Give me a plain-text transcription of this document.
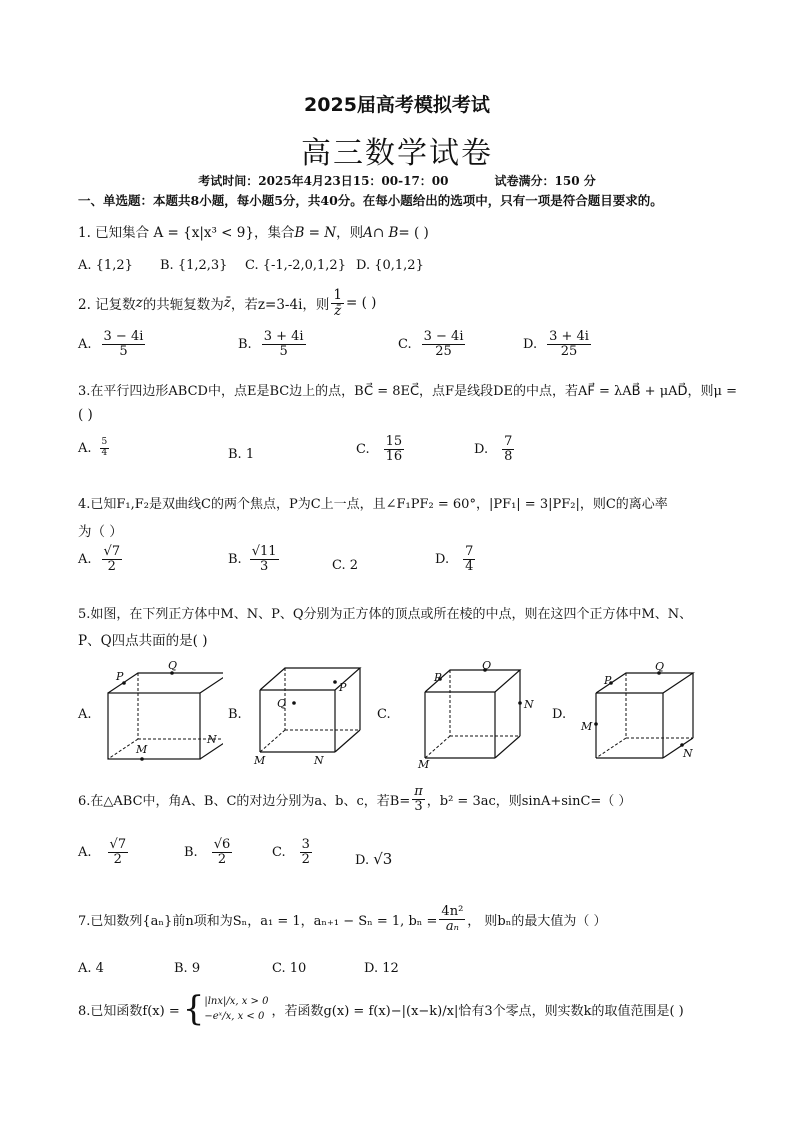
2025届高考模拟考试
高三数学试卷
考试时间：2025年4月23日15：00-17：00	试卷满分：150 分
一、单选题：本题共8小题，每小题5分，共40分。在每小题给出的选项中，只有一项是符合题目要求的。
1. 已知集合 A = {x|x³ < 9}，集合B = N，则A∩ B= ( )
A. {1,2} B. {1,2,3} C. {-1,-2,0,1,2} D. {0,1,2}
2. 记复数 z 的共轭复数为 z̄ ，若z=3-4i，则 $\frac{1}{z̄}$ = ( )
A. $\frac{3 - 4i}{5}$	B. $\frac{3 + 4i}{5}$	C. $\frac{3 - 4i}{25}$	D. $\frac{3 + 4i}{25}$
3.在平行四边形ABCD中，点E是BC边上的点，BC⃗ = 8EC⃗，点F是线段DE的中点，若AF⃗ = λAB⃗ + μAD⃗，则μ =
( )
A. $\frac{5}{4}$	B. 1	C. $\frac{15}{16}$	D. $\frac{7}{8}$
4.已知F₁,F₂是双曲线C的两个焦点，P为C上一点，且∠F₁PF₂ = 60°，|PF₁| = 3|PF₂|，则C的离心率
为（ ）
A. $\frac{√7}{2}$	B. $\frac{√11}{3}$	C. 2	D. $\frac{7}{4}$
5.如图，在下列正方体中M、N、P、Q分别为正方体的顶点或所在棱的中点，则在这四个正方体中M、N、
P、Q四点共面的是( )
A.	B.	C.	D.
P
Q
M
N
Q
P
M	N
P
Q
N
M
P
Q
M
N
6.在△ABC中，角A、B、C的对边分别为a、b、c，若$B= \frac{\pi}{3}$ ，b² = 3ac，则sinA+sinC=（ ）
A. $\frac{√7}{2}$	B. $\frac{√6}{2}$	C. $\frac{3}{2}$	D. √3
7.已知数列{aₙ}前n项和为Sₙ，a₁ = 1，aₙ₊₁ − Sₙ = 1, $b_n = \frac{\text{4n²}}{\text{aₙ}}$ ， 则bₙ的最大值为（ ）
A. 4	B. 9	C. 10	D. 12
8.已知函数f(x) = { |lnx|/x, x > 0
−eˣ/x, x < 0 ，若函数g(x) = f(x)−|(x−k)/x|恰有3个零点，则实数k的取值范围是( )
